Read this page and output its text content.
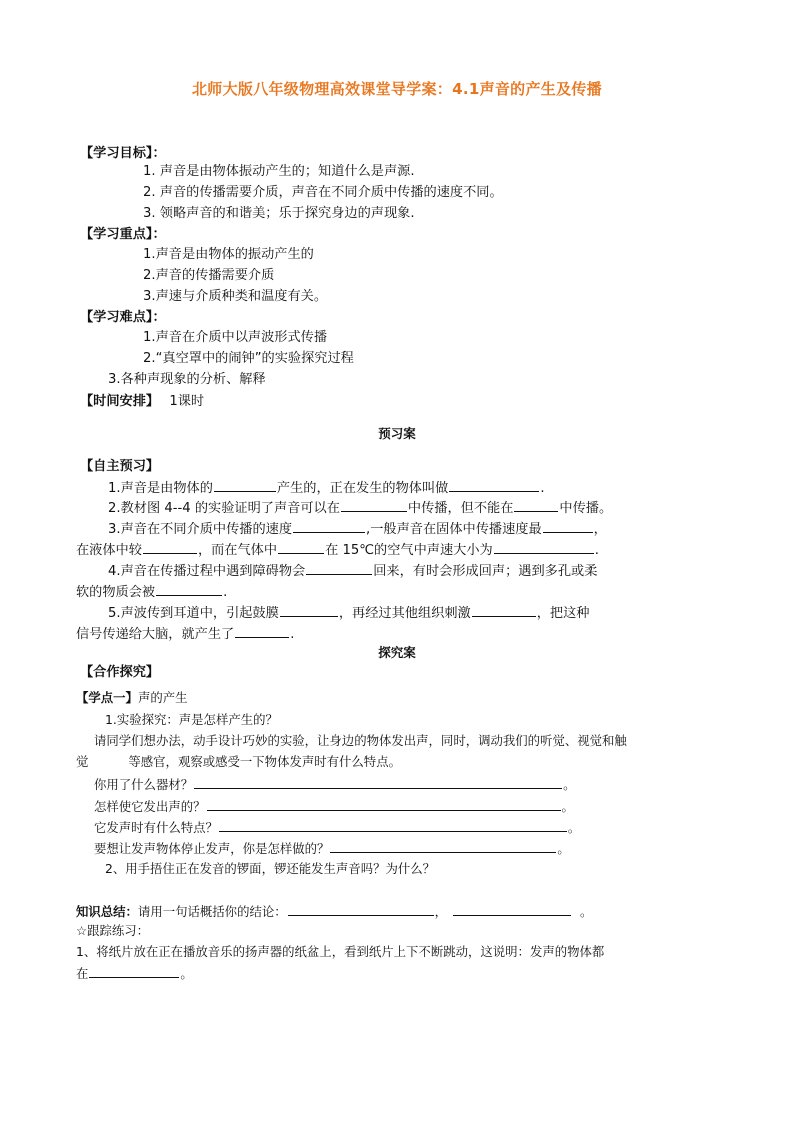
北师大版八年级物理高效课堂导学案：4.1声音的产生及传播
【学习目标】：
1. 声音是由物体振动产生的；知道什么是声源.
2. 声音的传播需要介质，声音在不同介质中传播的速度不同。
3. 领略声音的和谐美；乐于探究身边的声现象.
【学习重点】：
1.声音是由物体的振动产生的
2.声音的传播需要介质
3.声速与介质种类和温度有关。
【学习难点】：
1.声音在介质中以声波形式传播
2.“真空罩中的闹钟”的实验探究过程
3.各种声现象的分析、解释
【时间安排】 1课时
预习案
【自主预习】
1.声音是由物体的	产生的，正在发生的物体叫做	.
2.教材图 4--4 的实验证明了声音可以在	中传播，但不能在	中传播。
3.声音在不同介质中传播的速度	,一般声音在固体中传播速度最	，
在液体中较	，而在气体中	在 15℃的空气中声速大小为	.
4.声音在传播过程中遇到障碍物会	回来，有时会形成回声；遇到多孔或柔
软的物质会被	.
5.声波传到耳道中，引起鼓膜	，再经过其他组织刺激	，把这种
信号传递给大脑，就产生了	.
探究案
【合作探究】
【学点一】声的产生
1.实验探究：声是怎样产生的？
请同学们想办法，动手设计巧妙的实验，让身边的物体发出声，同时，调动我们的听觉、视觉和触
觉	等感官，观察或感受一下物体发声时有什么特点。
你用了什么器材？	。
怎样使它发出声的？	。
它发声时有什么特点？	。
要想让发声物体停止发声，你是怎样做的？	。
2、用手捂住正在发音的锣面，锣还能发生声音吗？为什么？
知识总结：请用一句话概括你的结论：	，	。
☆跟踪练习：
1、将纸片放在正在播放音乐的扬声器的纸盆上，看到纸片上下不断跳动，这说明：发声的物体都
在	。
